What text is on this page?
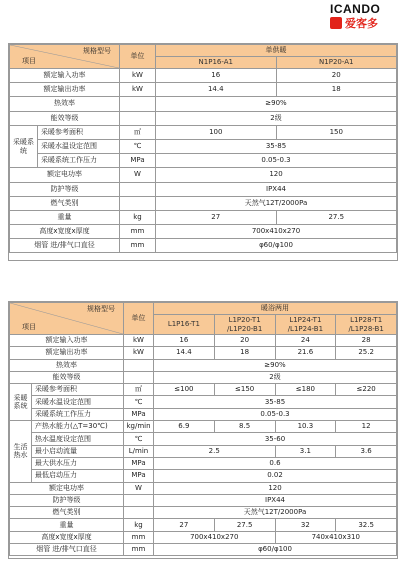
ICANDO
爱客多
规格型号
项目		单位	单供暖	
			N1P16-A1	N1P20-A1
额定输入功率		kW	16	20
额定输出功率		kW	14.4	18
热效率			≥90%	
能效等级			2级	
采暖系统	采暖参考面积	㎡	100	150
	采暖水温设定范围	℃	35-85	
	采暖系统工作压力	MPa	0.05-0.3	
额定电功率		W	120	
防护等级			IPX44	
燃气类别			天然气12T/2000Pa	
重量		kg	27	27.5
高度x宽度x厚度		mm	700x410x270	
烟管 进/排气口直径		mm	φ60/φ100	
规格型号
项目		单位	暖浴两用			
			L1P16-T1	L1P20-T1 /L1P20-B1	L1P24-T1 /L1P24-B1	L1P28-T1 /L1P28-B1
额定输入功率		kW	16	20	24	28
额定输出功率		kW	14.4	18	21.6	25.2
热效率			≥90%			
能效等级			2级			
采暖系统	采暖参考面积	㎡	≤100	≤150	≤180	≤220
	采暖水温设定范围	℃	35-85			
	采暖系统工作压力	MPa	0.05-0.3			
生活热水	产热水能力(△T=30℃)	kg/min	6.9	8.5	10.3	12
	热水温度设定范围	℃	35-60			
	最小启动流量	L/min	2.5		3.1	3.6
	最大供水压力	MPa	0.6			
	最低启动压力	MPa	0.02			
额定电功率		W	120			
防护等级			IPX44			
燃气类别			天然气12T/2000Pa			
重量		kg	27	27.5	32	32.5
高度x宽度x厚度		mm	700x410x270		740x410x310	
烟管 进/排气口直径		mm	φ60/φ100			
